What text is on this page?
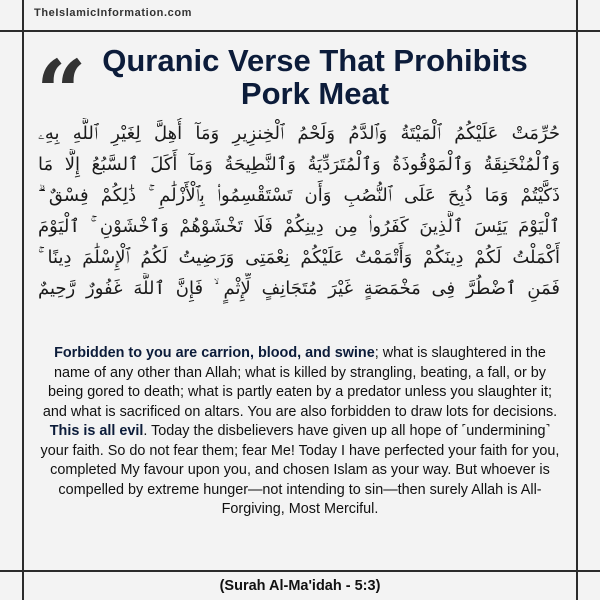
TheIslamicInformation.com
“ Quranic Verse That Prohibits Pork Meat
حُرِّمَتْ عَلَيْكُمُ ٱلْمَيْتَةُ وَٱلدَّمُ وَلَحْمُ ٱلْخِنزِيرِ وَمَآ أُهِلَّ لِغَيْرِ ٱللَّهِ بِهِۦ
وَٱلْمُنْخَنِقَةُ وَٱلْمَوْقُوذَةُ وَٱلْمُتَرَدِّيَةُ وَٱلنَّطِيحَةُ وَمَآ أَكَلَ ٱلسَّبُعُ إِلَّا مَا
ذَكَّيْتُمْ وَمَا ذُبِحَ عَلَى ٱلنُّصُبِ وَأَن تَسْتَقْسِمُوا۟ بِٱلْأَزْلَٰمِ ۚ ذَٰلِكُمْ فِسْقٌ ۗ
ٱلْيَوْمَ يَئِسَ ٱلَّذِينَ كَفَرُوا۟ مِن دِينِكُمْ فَلَا تَخْشَوْهُمْ وَٱخْشَوْنِ ۚ ٱلْيَوْمَ
أَكْمَلْتُ لَكُمْ دِينَكُمْ وَأَتْمَمْتُ عَلَيْكُمْ نِعْمَتِى وَرَضِيتُ لَكُمُ ٱلْإِسْلَٰمَ دِينًا ۚ
فَمَنِ ٱضْطُرَّ فِى مَخْمَصَةٍ غَيْرَ مُتَجَانِفٍ لِّإِثْمٍ ۙ فَإِنَّ ٱللَّهَ غَفُورٌ رَّحِيمٌ
Forbidden to you are carrion, blood, and swine; what is slaughtered in the name of any other than Allah; what is killed by strangling, beating, a fall, or by being gored to death; what is partly eaten by a predator unless you slaughter it; and what is sacrificed on altars. You are also forbidden to draw lots for decisions. This is all evil. Today the disbelievers have given up all hope of ˹undermining˺ your faith. So do not fear them; fear Me! Today I have perfected your faith for you, completed My favour upon you, and chosen Islam as your way. But whoever is compelled by extreme hunger—not intending to sin—then surely Allah is All-Forgiving, Most Merciful.
(Surah Al-Ma'idah - 5:3)
